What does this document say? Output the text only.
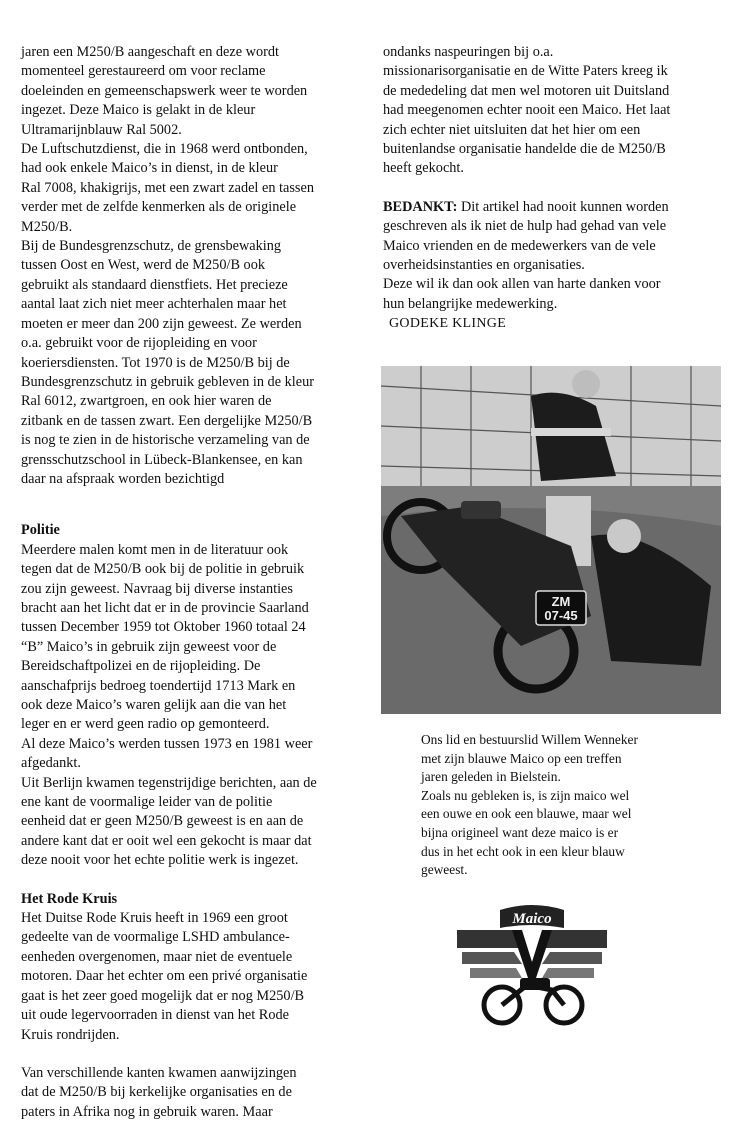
jaren een M250/B aangeschaft en deze wordt
momenteel gerestaureerd om voor reclame
doeleinden en gemeenschapswerk weer te worden
ingezet. Deze Maico is gelakt in de kleur
Ultramarijnblauw Ral 5002.
De Luftschutzdienst, die in 1968 werd ontbonden,
had ook enkele Maico’s in dienst, in de kleur
Ral 7008, khakigrijs, met een zwart zadel en tassen
verder met de zelfde kenmerken als de originele
M250/B.
Bij de Bundesgrenzschutz, de grensbewaking
tussen Oost en West, werd de M250/B ook
gebruikt als standaard dienstfiets. Het precieze
aantal laat zich niet meer achterhalen maar het
moeten er meer dan 200 zijn geweest. Ze werden
o.a. gebruikt voor de rijopleiding en voor
koeriersdiensten. Tot 1970 is de M250/B bij de
Bundesgrenzschutz in gebruik gebleven in de kleur
Ral 6012, zwartgroen, en ook hier waren de
zitbank en de tassen zwart. Een dergelijke M250/B
is nog te zien in de historische verzameling van de
grensschutzschool in Lübeck-Blankensee, en kan
daar na afspraak worden bezichtigd

Politie

Meerdere malen komt men in de literatuur ook
tegen dat de M250/B ook bij de politie in gebruik
zou zijn geweest. Navraag bij diverse instanties
bracht aan het licht dat er in de provincie Saarland
tussen December 1959 tot Oktober 1960 totaal 24
“B” Maico’s in gebruik zijn geweest voor de
Bereidschaftpolizei en de rijopleiding. De
aanschafprijs bedroeg toendertijd 1713 Mark en
ook deze Maico’s waren gelijk aan die van het
leger en er werd geen radio op gemonteerd.
Al deze Maico’s werden tussen 1973 en 1981 weer
afgedankt.
Uit Berlijn kwamen tegenstrijdige berichten, aan de
ene kant de voormalige leider van de politie
eenheid dat er geen M250/B geweest is en aan de
andere kant dat er ooit wel een gekocht is maar dat
deze nooit voor het echte politie werk is ingezet.

Het Rode Kruis

Het Duitse Rode Kruis heeft in 1969 een groot
gedeelte van de voormalige LSHD ambulance-
eenheden overgenomen, maar niet de eventuele
motoren. Daar het echter om een privé organisatie
gaat is het zeer goed mogelijk dat er nog M250/B
uit oude legervoorraden in dienst van het Rode
Kruis rondrijden.

Van verschillende kanten kwamen aanwijzingen
dat de M250/B bij kerkelijke organisaties en de
paters in Afrika nog in gebruik waren. Maar

ondanks naspeuringen bij o.a.
missionarisorganisatie en de Witte Paters kreeg ik
de mededeling dat men wel motoren uit Duitsland
had meegenomen echter nooit een Maico. Het laat
zich echter niet uitsluiten dat het hier om een
buitenlandse organisatie handelde die de M250/B
heeft gekocht.

BEDANKT: Dit artikel had nooit kunnen worden
geschreven als ik niet de hulp had gehad van vele
Maico vrienden en de medewerkers van de vele
overheidsinstanties en organisaties.
Deze wil ik dan ook allen van harte danken voor
hun belangrijke medewerking.

GODEKE KLINGE
ZM 07-45
Ons lid en bestuurslid Willem Wenneker
met zijn blauwe Maico op een treffen
jaren geleden in Bielstein.
Zoals nu gebleken is, is zijn maico wel
een ouwe en ook een blauwe, maar wel
bijna origineel want deze maico is er
dus in het echt ook in een kleur blauw
geweest.
Maico
